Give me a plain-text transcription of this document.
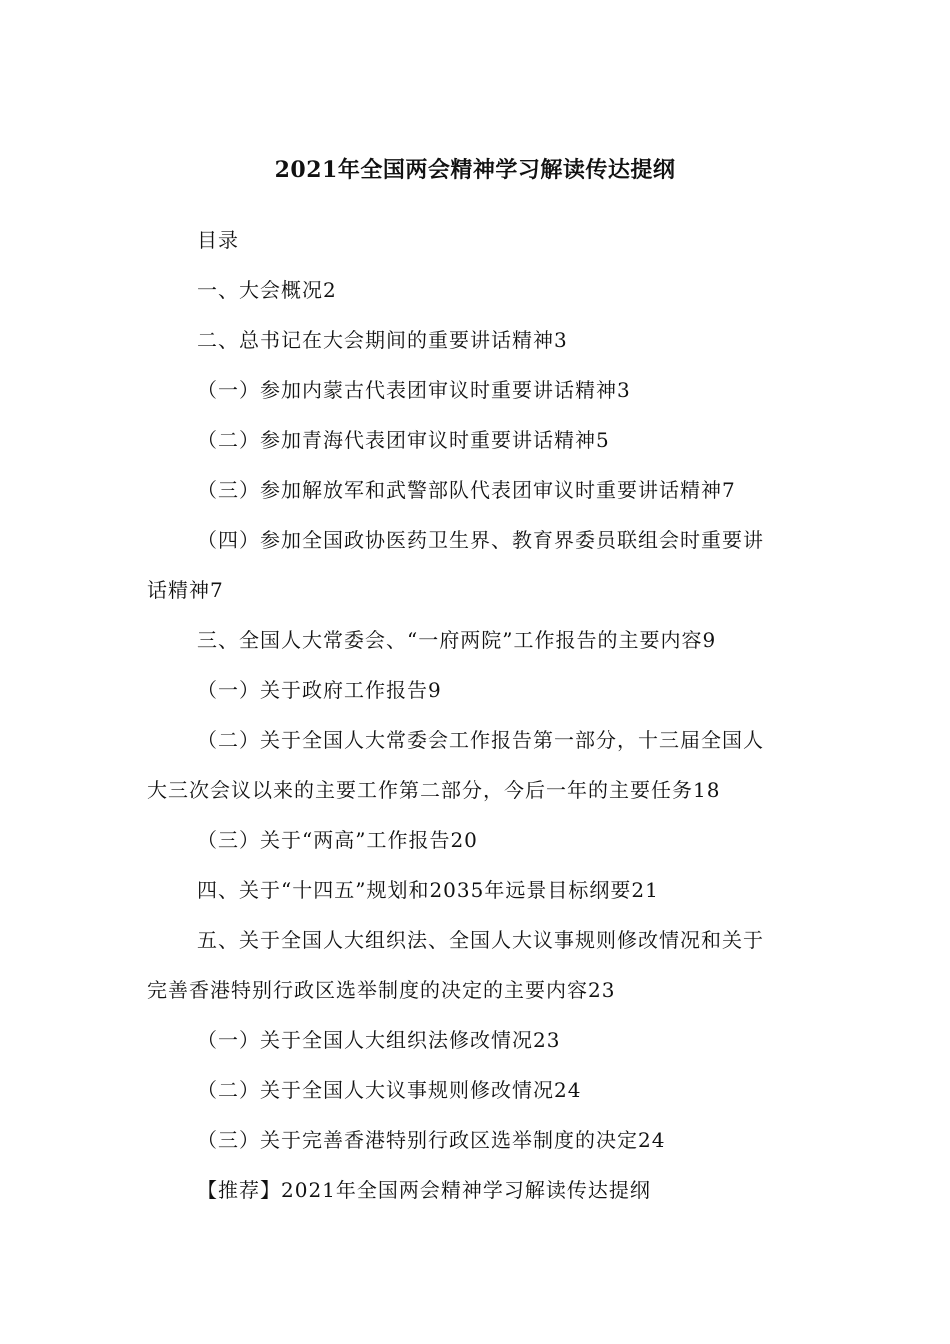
2021年全国两会精神学习解读传达提纲
目录
一、大会概况2
二、总书记在大会期间的重要讲话精神3
（一）参加内蒙古代表团审议时重要讲话精神3
（二）参加青海代表团审议时重要讲话精神5
（三）参加解放军和武警部队代表团审议时重要讲话精神7
（四）参加全国政协医药卫生界、教育界委员联组会时重要讲
话精神7
三、全国人大常委会、“一府两院”工作报告的主要内容9
（一）关于政府工作报告9
（二）关于全国人大常委会工作报告第一部分，十三届全国人
大三次会议以来的主要工作第二部分，今后一年的主要任务18
（三）关于“两高”工作报告20
四、关于“十四五”规划和2035年远景目标纲要21
五、关于全国人大组织法、全国人大议事规则修改情况和关于
完善香港特别行政区选举制度的决定的主要内容23
（一）关于全国人大组织法修改情况23
（二）关于全国人大议事规则修改情况24
（三）关于完善香港特别行政区选举制度的决定24
【推荐】2021年全国两会精神学习解读传达提纲
